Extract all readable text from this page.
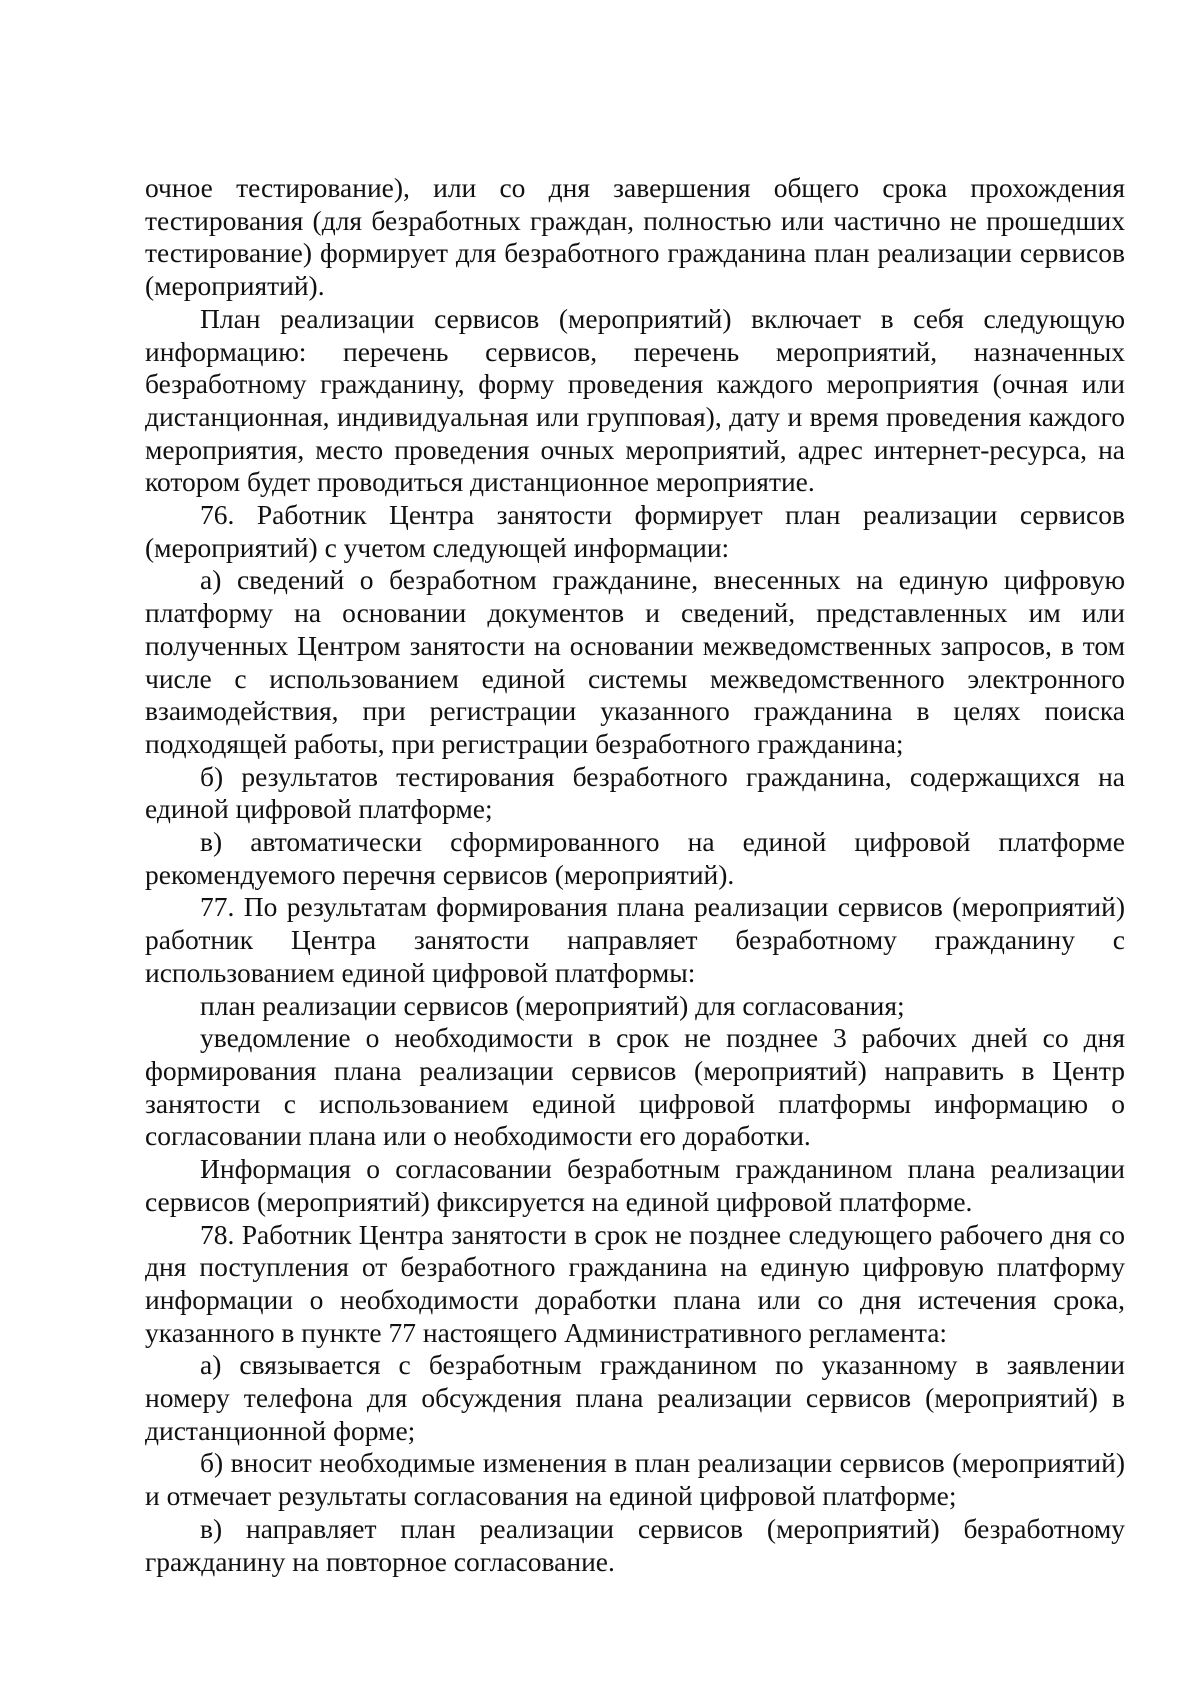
очное тестирование), или со дня завершения общего срока прохождения тестирования (для безработных граждан, полностью или частично не прошедших тестирование) формирует для безработного гражданина план реализации сервисов (мероприятий).

План реализации сервисов (мероприятий) включает в себя следующую информацию: перечень сервисов, перечень мероприятий, назначенных безработному гражданину, форму проведения каждого мероприятия (очная или дистанционная, индивидуальная или групповая), дату и время проведения каждого мероприятия, место проведения очных мероприятий, адрес интернет-ресурса, на котором будет проводиться дистанционное мероприятие.

76. Работник Центра занятости формирует план реализации сервисов (мероприятий) с учетом следующей информации:

а) сведений о безработном гражданине, внесенных на единую цифровую платформу на основании документов и сведений, представленных им или полученных Центром занятости на основании межведомственных запросов, в том числе с использованием единой системы межведомственного электронного взаимодействия, при регистрации указанного гражданина в целях поиска подходящей работы, при регистрации безработного гражданина;

б) результатов тестирования безработного гражданина, содержащихся на единой цифровой платформе;

в) автоматически сформированного на единой цифровой платформе рекомендуемого перечня сервисов (мероприятий).

77. По результатам формирования плана реализации сервисов (мероприятий) работник Центра занятости направляет безработному гражданину с использованием единой цифровой платформы:

план реализации сервисов (мероприятий) для согласования;

уведомление о необходимости в срок не позднее 3 рабочих дней со дня формирования плана реализации сервисов (мероприятий) направить в Центр занятости с использованием единой цифровой платформы информацию о согласовании плана или о необходимости его доработки.

Информация о согласовании безработным гражданином плана реализации сервисов (мероприятий) фиксируется на единой цифровой платформе.

78. Работник Центра занятости в срок не позднее следующего рабочего дня со дня поступления от безработного гражданина на единую цифровую платформу информации о необходимости доработки плана или со дня истечения срока, указанного в пункте 77 настоящего Административного регламента:

а) связывается с безработным гражданином по указанному в заявлении номеру телефона для обсуждения плана реализации сервисов (мероприятий) в дистанционной форме;

б) вносит необходимые изменения в план реализации сервисов (мероприятий) и отмечает результаты согласования на единой цифровой платформе;

в) направляет план реализации сервисов (мероприятий) безработному гражданину на повторное согласование.
